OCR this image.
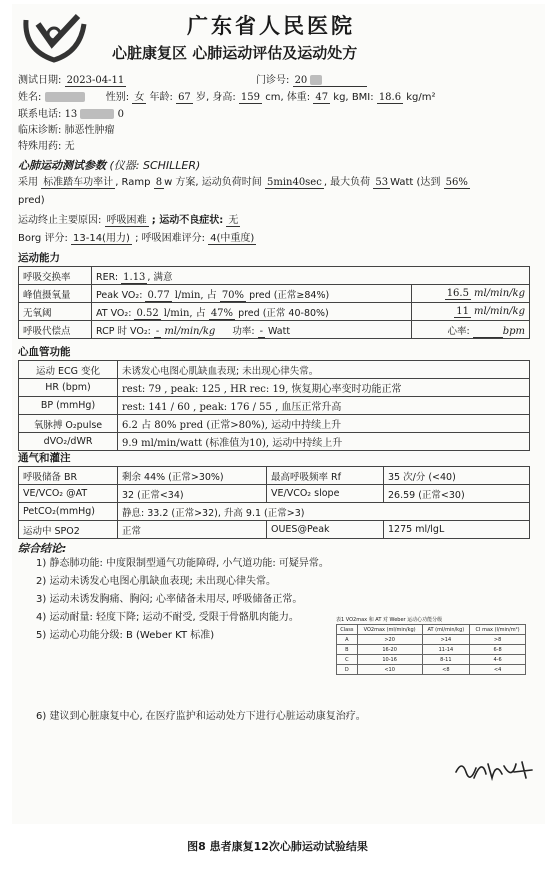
广东省人民医院
心脏康复区 心肺运动评估及运动处方
测试日期: 2023-04-11	门诊号: 20
姓名:	性别: 女 年龄: 67 岁, 身高: 159 cm, 体重: 47 kg, BMI: 18.6 kg/m²
联系电话: 13	0
临床诊断: 肺恶性肿瘤
特殊用药: 无
心肺运动测试参数 (仪器: SCHILLER)
采用 标准踏车功率计 , Ramp 8 w 方案, 运动负荷时间 5min40sec , 最大负荷 53 Watt (达到 56%
pred)
运动终止主要原因: 呼吸困难 ; 运动不良症状: 无
Borg 评分: 13-14(用力) ; 呼吸困难评分: 4(中重度)
运动能力
呼吸交换率	RER: 1.13 , 满意	
峰值摄氧量	Peak VO₂: 0.77 l/min, 占 70% pred (正常≥84%)	16.5 ml/min/kg
无氧阈	AT VO₂: 0.52 l/min, 占 47% pred (正常 40-80%)	11 ml/min/kg
呼吸代偿点	RCP 时 VO₂: - ml/min/kg 功率: - Watt	心率: bpm
心血管功能
运动 ECG 变化	未诱发心电图心肌缺血表现; 未出现心律失常。
HR (bpm)	rest: 79 , peak: 125 , HR rec: 19, 恢复期心率变时功能正常
BP (mmHg)	rest: 141 / 60 , peak: 176 / 55 , 血压正常升高
氧脉搏 O₂pulse	6.2 占 80% pred (正常>80%), 运动中持续上升
dVO₂/dWR	9.9 ml/min/watt (标准值为10), 运动中持续上升
通气和灌注
呼吸储备 BR	剩余 44% (正常>30%)	最高呼吸频率 Rf	35 次/分 (<40)
VE/VCO₂ @AT	32 (正常<34)	VE/VCO₂ slope	26.59 (正常<30)
PetCO₂(mmHg)	静息: 33.2 (正常>32), 升高 9.1 (正常>3)		
运动中 SPO2	正常	OUES@Peak	1275 ml/lgL
综合结论:
1) 静态肺功能: 中度限制型通气功能障碍, 小气道功能: 可疑异常。
2) 运动未诱发心电图心肌缺血表现; 未出现心律失常。
3) 运动未诱发胸痛、胸闷; 心率储备未用尽, 呼吸储备正常。
4) 运动耐量: 轻度下降; 运动不耐受, 受限于骨骼肌肉能力。
5) 运动心功能分级: B (Weber KT 标准)
表1 VO2max 和 AT 对 Weber 运动心功能分级
Class	VO2max (ml/min/kg)	AT (ml/min/kg)	CI max (l/min/m²)
A	>20	>14	>8
B	16-20	11-14	6-8
C	10-16	8-11	4-6
D	<10	<8	<4
6) 建议到心脏康复中心, 在医疗监护和运动处方下进行心脏运动康复治疗。
图8 患者康复12次心肺运动试验结果
